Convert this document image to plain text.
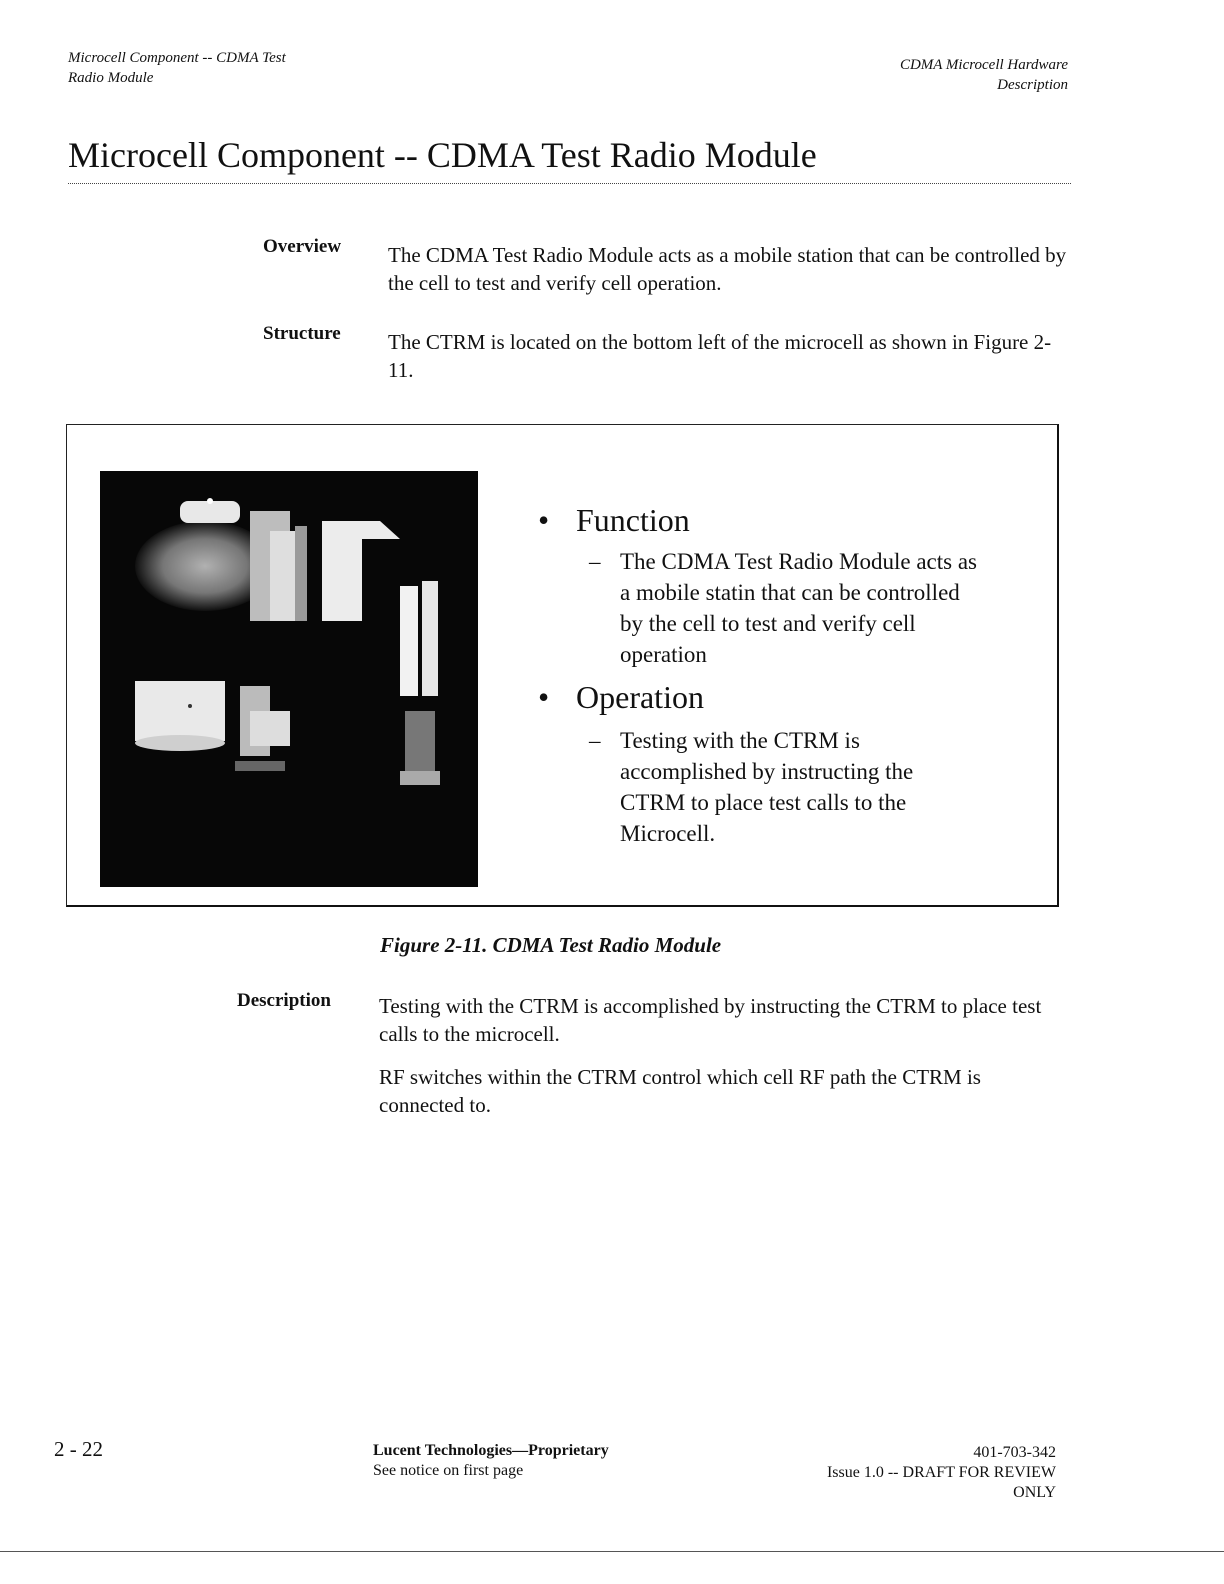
Microcell Component -- CDMA Test
Radio Module
CDMA Microcell Hardware
Description
Microcell Component -- CDMA Test Radio Module
Overview The CDMA Test Radio Module acts as a mobile station that can be controlled by the cell to test and verify cell operation.
Structure The CTRM is located on the bottom left of the microcell as shown in Figure 2-11.
• Function
– The CDMA Test Radio Module acts as a mobile statin that can be controlled by the cell to test and verify cell operation
• Operation
– Testing with the CTRM is accomplished by instructing the CTRM to place test calls to the Microcell.
Figure 2-11. CDMA Test Radio Module
Description Testing with the CTRM is accomplished by instructing the CTRM to place test calls to the microcell.
RF switches within the CTRM control which cell RF path the CTRM is connected to.
2 - 22	Lucent Technologies—Proprietary
See notice on first page
401-703-342
Issue 1.0 -- DRAFT FOR REVIEW
ONLY
